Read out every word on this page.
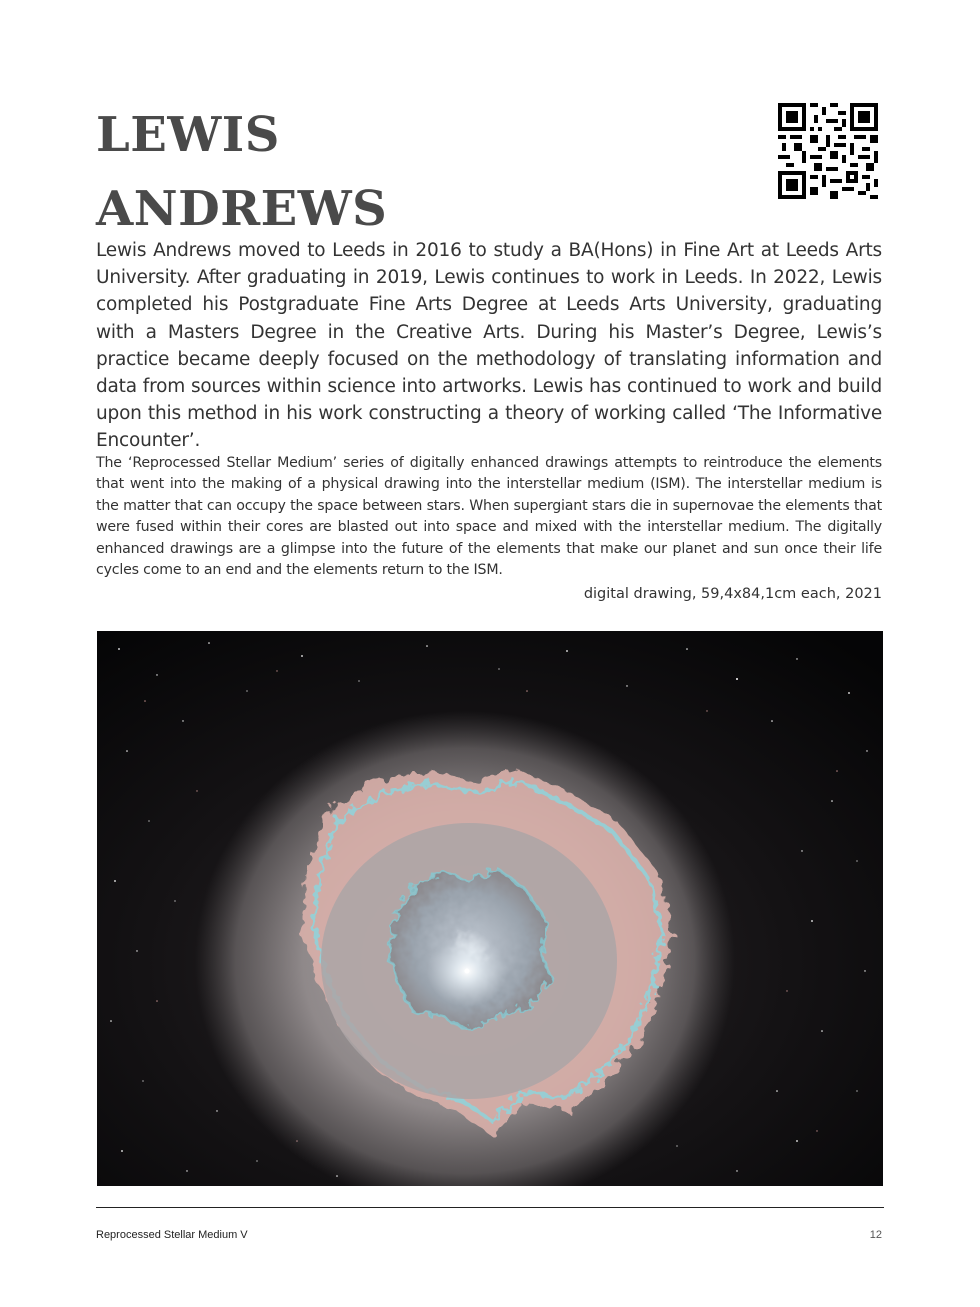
LEWIS
ANDREWS

Lewis Andrews moved to Leeds in 2016 to study a BA(Hons) in Fine Art at Leeds Arts University. After graduating in 2019, Lewis continues to work in Leeds. In 2022, Lewis completed his Postgraduate Fine Arts Degree at Leeds Arts University, graduating with a Masters Degree in the Creative Arts. During his Master’s Degree, Lewis’s practice became deeply focused on the methodology of translating information and data from sources within science into artworks. Lewis has continued to work and build upon this method in his work constructing a theory of working called ‘The Informative Encounter’.

The ‘Reprocessed Stellar Medium’ series of digitally enhanced drawings attempts to reintroduce the elements that went into the making of a physical drawing into the interstellar medium (ISM). The interstellar medium is the matter that can occupy the space between stars. When supergiant stars die in supernovae the elements that were fused within their cores are blasted out into space and mixed with the interstellar medium. The digitally enhanced drawings are a glimpse into the future of the elements that make our planet and sun once their life cycles come to an end and the elements return to the ISM.

digital drawing, 59,4x84,1cm each, 2021

Reprocessed Stellar Medium V	12
